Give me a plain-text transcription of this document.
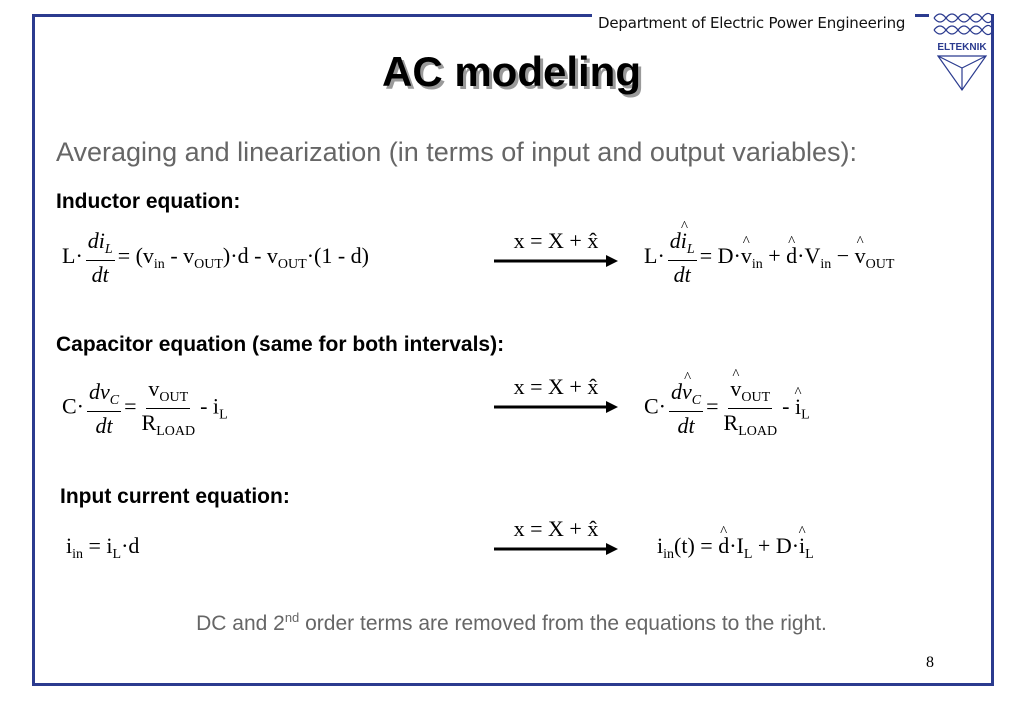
Department of Electric Power Engineering
ELTEKNIK
AC modeling
Averaging and linearization (in terms of input and output variables):
Inductor equation:
$L\cdot \frac{di_L}{dt} = (v_{in} - v_{OUT})\cdot d - v_{OUT}\cdot(1 - d)$
x = X + x̂
$L\cdot \frac{d\^{} i_L}{dt}$ = D·^ $v_{in}$ + ^ $d\cdot V_{in}$ − ^ $v_{OUT}$
Capacitor equation (same for both intervals):
$C\cdot \frac{dv_C}{dt} = \frac{v_{OUT}}{R_{LOAD}} - i_L$
x = X + x̂
$C\cdot \frac{d\^{} v_C}{dt}$ =
^ $\frac{v_{OUT}}{R_{LOAD}}$ - ^ $i_L$
Input current equation:
$i_{in} = i_L\cdot d$
x = X + x̂
$i_{in}(t)$ = ^ $d\cdot I_L$ + D·^ $i_L$
DC and 2nd order terms are removed from the equations to the right.
8
